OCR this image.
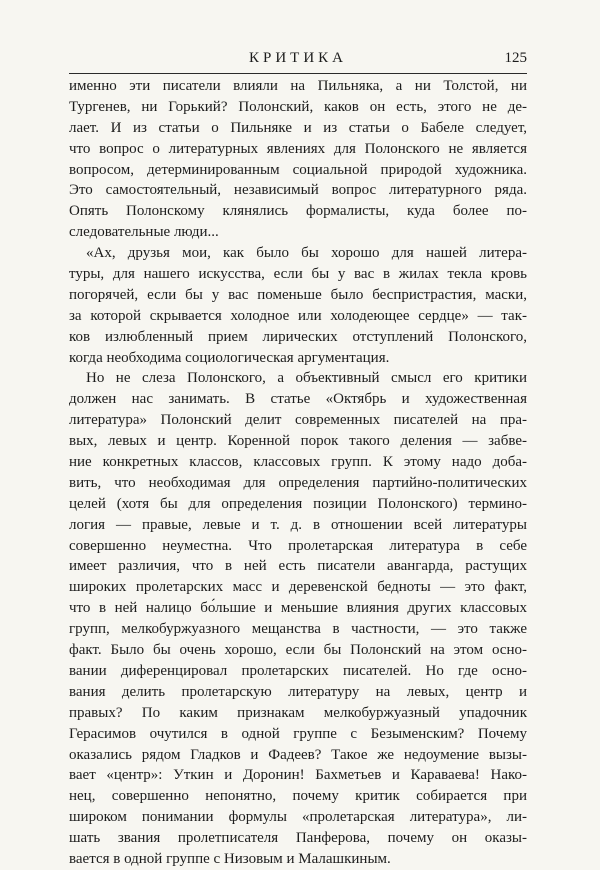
КРИТИКА	125
именно эти писатели влияли на Пильняка, а ни Толстой, ни
Тургенев, ни Горький? Полонский, каков он есть, этого не де-
лает. И из статьи о Пильняке и из статьи о Бабеле следует,
что вопрос о литературных явлениях для Полонского не является
вопросом, детерминированным социальной природой художника.
Это самостоятельный, независимый вопрос литературного ряда.
Опять Полонскому клянялись формалисты, куда более по-
следовательные люди...
«Ах, друзья мои, как было бы хорошо для нашей литера-
туры, для нашего искусства, если бы у вас в жилах текла кровь
погорячей, если бы у вас поменьше было беспристрастия, маски,
за которой скрывается холодное или холодеющее сердце» — так-
ков излюбленный прием лирических отступлений Полонского,
когда необходима социологическая аргументация.
Но не слеза Полонского, а объективный смысл его критики
должен нас занимать. В статье «Октябрь и художественная
литература» Полонский делит современных писателей на пра-
вых, левых и центр. Коренной порок такого деления — забве-
ние конкретных классов, классовых групп. К этому надо доба-
вить, что необходимая для определения партийно-политических
целей (хотя бы для определения позиции Полонского) термино-
логия — правые, левые и т. д. в отношении всей литературы
совершенно неуместна. Что пролетарская литература в себе
имеет различия, что в ней есть писатели авангарда, растущих
широких пролетарских масс и деревенской бедноты — это факт,
что в ней налицо бо́льшие и меньшие влияния других классовых
групп, мелкобуржуазного мещанства в частности, — это также
факт. Было бы очень хорошо, если бы Полонский на этом осно-
вании диференцировал пролетарских писателей. Но где осно-
вания делить пролетарскую литературу на левых, центр и
правых? По каким признакам мелкобуржуазный упадочник
Герасимов очутился в одной группе с Безыменским? Почему
оказались рядом Гладков и Фадеев? Такое же недоумение вызы-
вает «центр»: Уткин и Доронин! Бахметьев и Караваева! Нако-
нец, совершенно непонятно, почему критик собирается при
широком понимании формулы «пролетарская литература», ли-
шать звания пролетписателя Панферова, почему он оказы-
вается в одной группе с Низовым и Малашкиным.
